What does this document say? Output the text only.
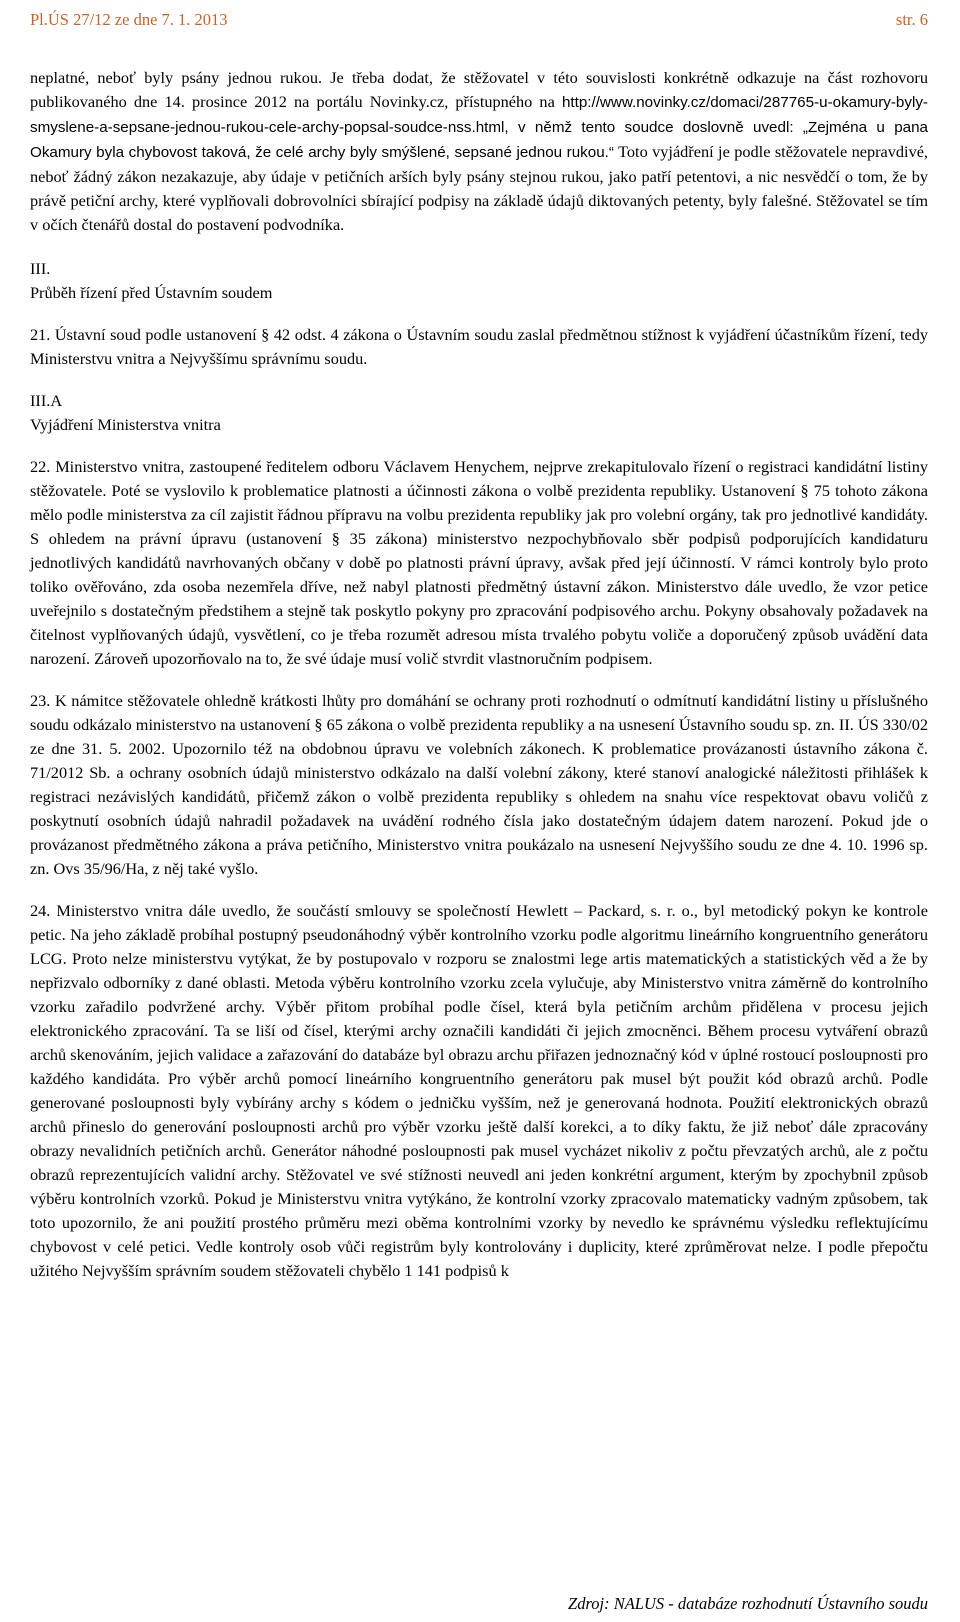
Pl.ÚS 27/12 ze dne 7. 1. 2013	str. 6

neplatné, neboť byly psány jednou rukou. Je třeba dodat, že stěžovatel v této souvislosti konkrétně odkazuje na část rozhovoru publikovaného dne 14. prosince 2012 na portálu Novinky.cz, přístupného na http://www.novinky.cz/domaci/287765-u-okamury-byly-smyslene-a-sepsane-jednou-rukou-cele-archy-popsal-soudce-nss.html, v němž tento soudce doslovně uvedl: „Zejména u pana Okamury byla chybovost taková, že celé archy byly smýšlené, sepsané jednou rukou.“ Toto vyjádření je podle stěžovatele nepravdivé, neboť žádný zákon nezakazuje, aby údaje v petičních arších byly psány stejnou rukou, jako patří petentovi, a nic nesvědčí o tom, že by právě petiční archy, které vyplňovali dobrovolníci sbírající podpisy na základě údajů diktovaných petenty, byly falešné. Stěžovatel se tím v očích čtenářů dostal do postavení podvodníka.

III.
Průběh řízení před Ústavním soudem

21. Ústavní soud podle ustanovení § 42 odst. 4 zákona o Ústavním soudu zaslal předmětnou stížnost k vyjádření účastníkům řízení, tedy Ministerstvu vnitra a Nejvyššímu správnímu soudu.

III.A
Vyjádření Ministerstva vnitra

22. Ministerstvo vnitra, zastoupené ředitelem odboru Václavem Henychem, nejprve zrekapitulovalo řízení o registraci kandidátní listiny stěžovatele. Poté se vyslovilo k problematice platnosti a účinnosti zákona o volbě prezidenta republiky. Ustanovení § 75 tohoto zákona mělo podle ministerstva za cíl zajistit řádnou přípravu na volbu prezidenta republiky jak pro volební orgány, tak pro jednotlivé kandidáty. S ohledem na právní úpravu (ustanovení § 35 zákona) ministerstvo nezpochybňovalo sběr podpisů podporujících kandidaturu jednotlivých kandidátů navrhovaných občany v době po platnosti právní úpravy, avšak před její účinností. V rámci kontroly bylo proto toliko ověřováno, zda osoba nezemřela dříve, než nabyl platnosti předmětný ústavní zákon. Ministerstvo dále uvedlo, že vzor petice uveřejnilo s dostatečným předstihem a stejně tak poskytlo pokyny pro zpracování podpisového archu. Pokyny obsahovaly požadavek na čitelnost vyplňovaných údajů, vysvětlení, co je třeba rozumět adresou místa trvalého pobytu voliče a doporučený způsob uvádění data narození. Zároveň upozorňovalo na to, že své údaje musí volič stvrdit vlastnoručním podpisem.

23. K námitce stěžovatele ohledně krátkosti lhůty pro domáhání se ochrany proti rozhodnutí o odmítnutí kandidátní listiny u příslušného soudu odkázalo ministerstvo na ustanovení § 65 zákona o volbě prezidenta republiky a na usnesení Ústavního soudu sp. zn. II. ÚS 330/02 ze dne 31. 5. 2002. Upozornilo též na obdobnou úpravu ve volebních zákonech. K problematice provázanosti ústavního zákona č. 71/2012 Sb. a ochrany osobních údajů ministerstvo odkázalo na další volební zákony, které stanoví analogické náležitosti přihlášek k registraci nezávislých kandidátů, přičemž zákon o volbě prezidenta republiky s ohledem na snahu více respektovat obavu voličů z poskytnutí osobních údajů nahradil požadavek na uvádění rodného čísla jako dostatečným údajem datem narození. Pokud jde o provázanost předmětného zákona a práva petičního, Ministerstvo vnitra poukázalo na usnesení Nejvyššího soudu ze dne 4. 10. 1996 sp. zn. Ovs 35/96/Ha, z něj také vyšlo.

24. Ministerstvo vnitra dále uvedlo, že součástí smlouvy se společností Hewlett – Packard, s. r. o., byl metodický pokyn ke kontrole petic. Na jeho základě probíhal postupný pseudonáhodný výběr kontrolního vzorku podle algoritmu lineárního kongruentního generátoru LCG. Proto nelze ministerstvu vytýkat, že by postupovalo v rozporu se znalostmi lege artis matematických a statistických věd a že by nepřizvalo odborníky z dané oblasti. Metoda výběru kontrolního vzorku zcela vylučuje, aby Ministerstvo vnitra záměrně do kontrolního vzorku zařadilo podvržené archy. Výběr přitom probíhal podle čísel, která byla petičním archům přidělena v procesu jejich elektronického zpracování. Ta se liší od čísel, kterými archy označili kandidáti či jejich zmocněnci. Během procesu vytváření obrazů archů skenováním, jejich validace a zařazování do databáze byl obrazu archu přiřazen jednoznačný kód v úplné rostoucí posloupnosti pro každého kandidáta. Pro výběr archů pomocí lineárního kongruentního generátoru pak musel být použit kód obrazů archů. Podle generované posloupnosti byly vybírány archy s kódem o jedničku vyšším, než je generovaná hodnota. Použití elektronických obrazů archů přineslo do generování posloupnosti archů pro výběr vzorku ještě další korekci, a to díky faktu, že již neboť dále zpracovány obrazy nevalidních petičních archů. Generátor náhodné posloupnosti pak musel vycházet nikoliv z počtu převzatých archů, ale z počtu obrazů reprezentujících validní archy. Stěžovatel ve své stížnosti neuvedl ani jeden konkrétní argument, kterým by zpochybnil způsob výběru kontrolních vzorků. Pokud je Ministerstvu vnitra vytýkáno, že kontrolní vzorky zpracovalo matematicky vadným způsobem, tak toto upozornilo, že ani použití prostého průměru mezi oběma kontrolními vzorky by nevedlo ke správnému výsledku reflektujícímu chybovost v celé petici. Vedle kontroly osob vůči registrům byly kontrolovány i duplicity, které zprůměrovat nelze. I podle přepočtu užitého Nejvyšším správním soudem stěžovateli chybělo 1 141 podpisů k

Zdroj: NALUS - databáze rozhodnutí Ústavního soudu
